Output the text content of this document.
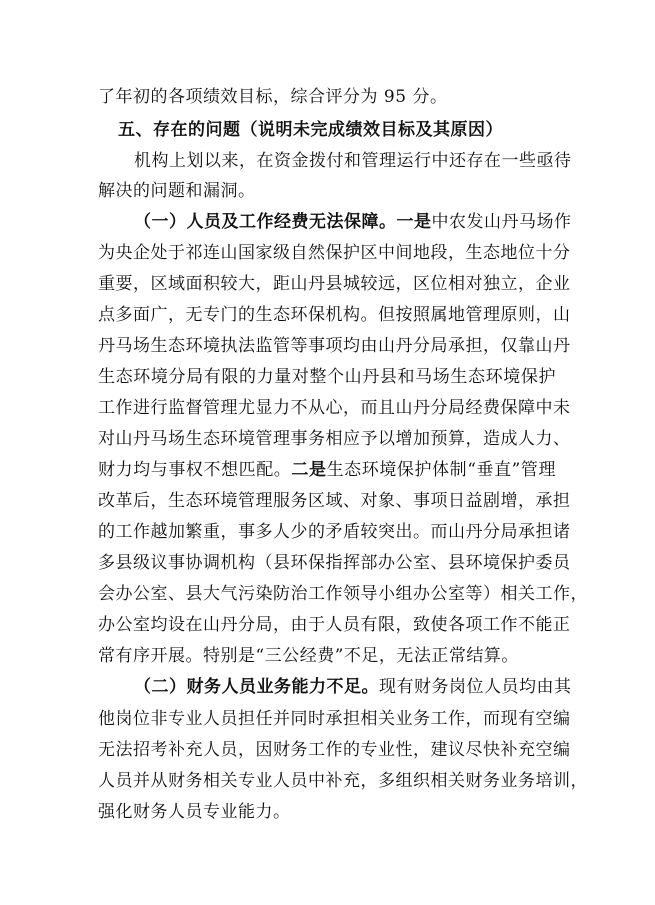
了年初的各项绩效目标，综合评分为 95 分。
五、存在的问题（说明未完成绩效目标及其原因）
机构上划以来，在资金拨付和管理运行中还存在一些亟待
解决的问题和漏洞。
（一）人员及工作经费无法保障。一是中农发山丹马场作
为央企处于祁连山国家级自然保护区中间地段，生态地位十分
重要，区域面积较大，距山丹县城较远，区位相对独立，企业
点多面广，无专门的生态环保机构。但按照属地管理原则，山
丹马场生态环境执法监管等事项均由山丹分局承担，仅靠山丹
生态环境分局有限的力量对整个山丹县和马场生态环境保护
工作进行监督管理尤显力不从心，而且山丹分局经费保障中未
对山丹马场生态环境管理事务相应予以增加预算，造成人力、
财力均与事权不想匹配。二是生态环境保护体制“垂直”管理
改革后，生态环境管理服务区域、对象、事项日益剧增，承担
的工作越加繁重，事多人少的矛盾较突出。而山丹分局承担诸
多县级议事协调机构（县环保指挥部办公室、县环境保护委员
会办公室、县大气污染防治工作领导小组办公室等）相关工作，
办公室均设在山丹分局，由于人员有限，致使各项工作不能正
常有序开展。特别是“三公经费”不足，无法正常结算。
（二）财务人员业务能力不足。现有财务岗位人员均由其
他岗位非专业人员担任并同时承担相关业务工作，而现有空编
无法招考补充人员，因财务工作的专业性，建议尽快补充空编
人员并从财务相关专业人员中补充，多组织相关财务业务培训，
强化财务人员专业能力。
